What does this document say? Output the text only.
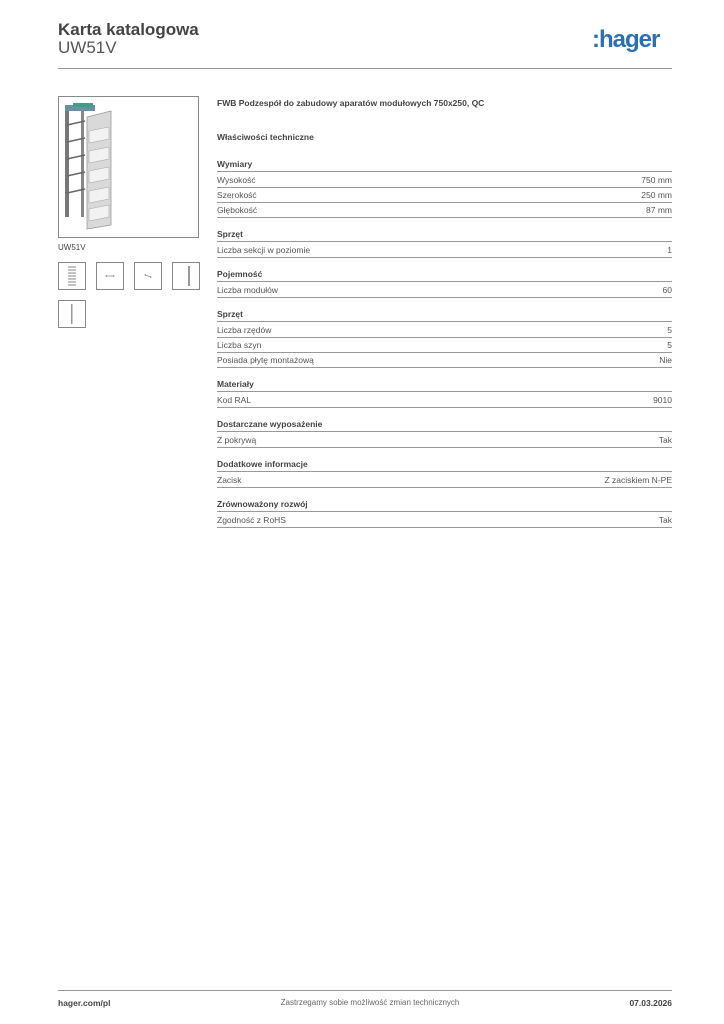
Karta katalogowa
UW51V	:hager
UW51V
FWB Podzespół do zabudowy aparatów modułowych 750x250, QC
Właściwości techniczne
Wymiary
Wysokość	750 mm
Szerokość	250 mm
Głębokość	87 mm
Sprzęt
Liczba sekcji w poziomie	1
Pojemność
Liczba modułów	60
Sprzęt
Liczba rzędów	5
Liczba szyn	5
Posiada płytę montażową	Nie
Materiały
Kod RAL	9010
Dostarczane wyposażenie
Z pokrywą	Tak
Dodatkowe informacje
Zacisk	Z zaciskiem N-PE
Zrównoważony rozwój
Zgodność z RoHS	Tak
hager.com/pl	Zastrzegamy sobie możliwość zmian technicznych	07.03.2026
